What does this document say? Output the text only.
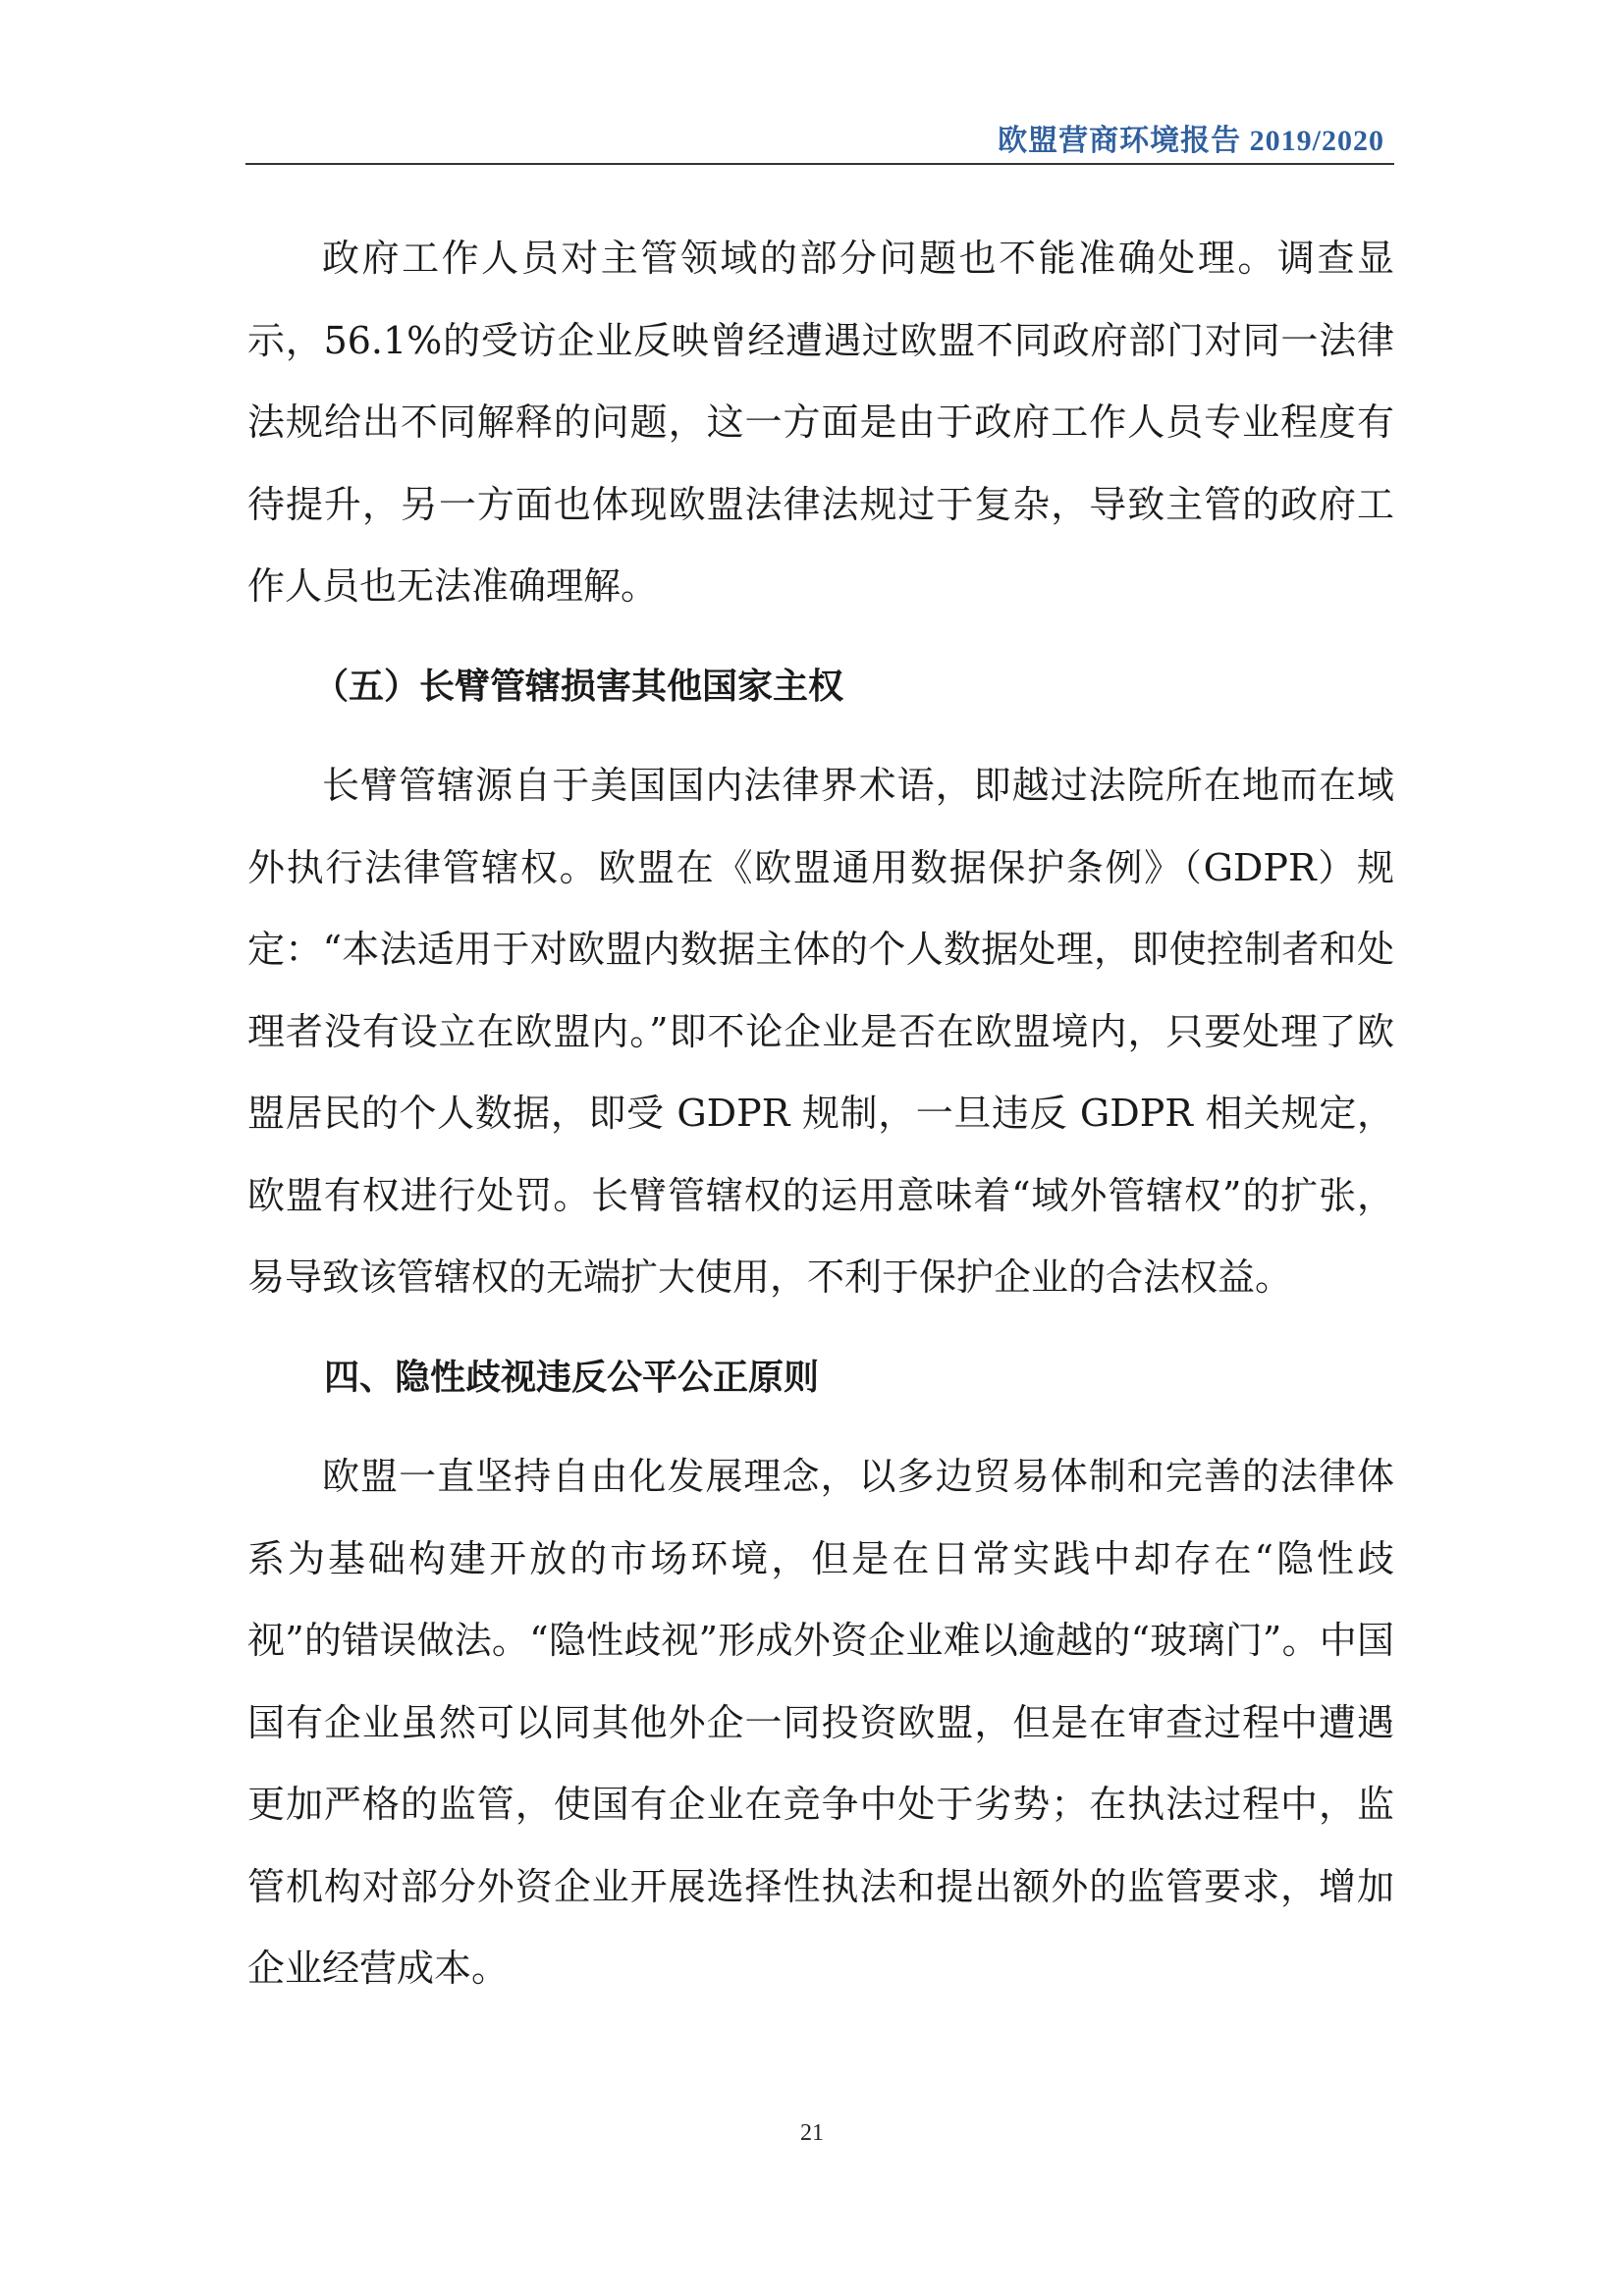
欧盟营商环境报告 2019/2020

政府工作人员对主管领域的部分问题也不能准确处理。调查显示，56.1%的受访企业反映曾经遭遇过欧盟不同政府部门对同一法律法规给出不同解释的问题，这一方面是由于政府工作人员专业程度有待提升，另一方面也体现欧盟法律法规过于复杂，导致主管的政府工作人员也无法准确理解。

（五）长臂管辖损害其他国家主权

长臂管辖源自于美国国内法律界术语，即越过法院所在地而在域外执行法律管辖权。欧盟在《欧盟通用数据保护条例》（GDPR）规定：“本法适用于对欧盟内数据主体的个人数据处理，即使控制者和处理者没有设立在欧盟内。”即不论企业是否在欧盟境内，只要处理了欧盟居民的个人数据，即受 GDPR 规制，一旦违反 GDPR 相关规定，欧盟有权进行处罚。长臂管辖权的运用意味着“域外管辖权”的扩张，易导致该管辖权的无端扩大使用，不利于保护企业的合法权益。

四、隐性歧视违反公平公正原则

欧盟一直坚持自由化发展理念，以多边贸易体制和完善的法律体系为基础构建开放的市场环境，但是在日常实践中却存在“隐性歧视”的错误做法。“隐性歧视”形成外资企业难以逾越的“玻璃门”。中国国有企业虽然可以同其他外企一同投资欧盟，但是在审查过程中遭遇更加严格的监管，使国有企业在竞争中处于劣势；在执法过程中，监管机构对部分外资企业开展选择性执法和提出额外的监管要求，增加企业经营成本。

21
